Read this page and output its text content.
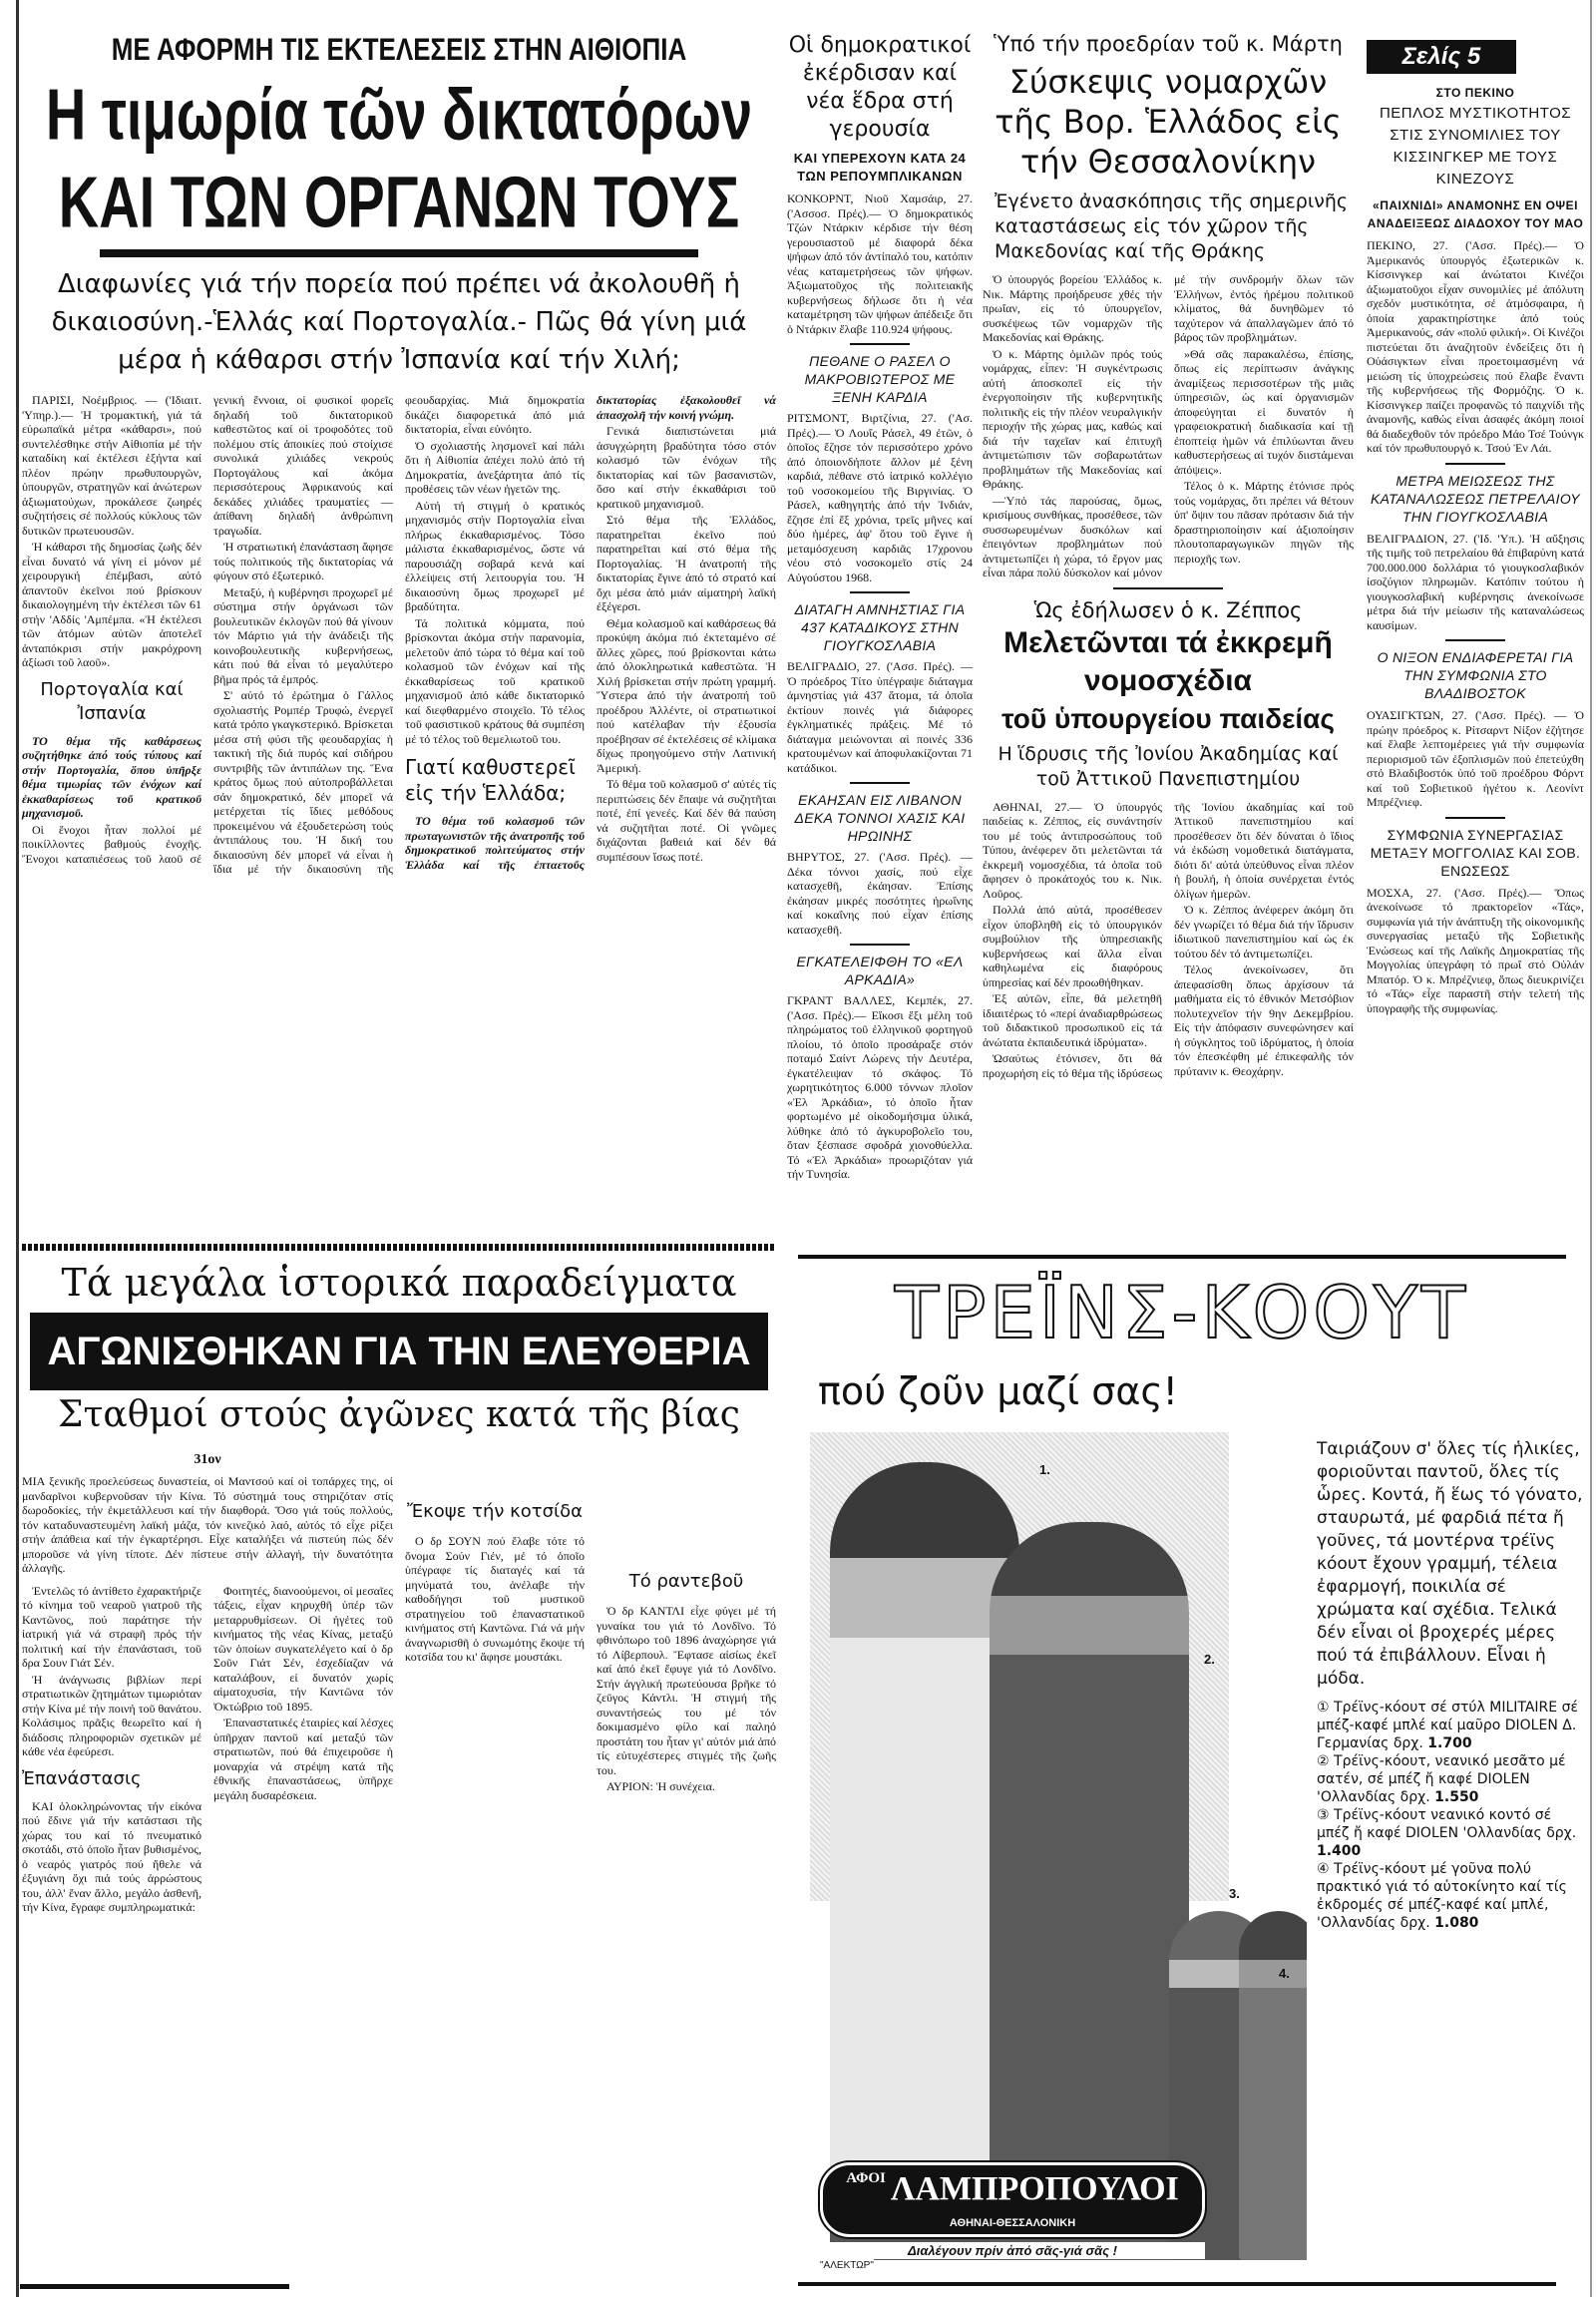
ΜΕ ΑΦΟΡΜΗ ΤΙΣ ΕΚΤΕΛΕΣΕΙΣ ΣΤΗΝ ΑΙΘΙΟΠΙΑ
Η τιμωρία τῶν δικτατόρων
ΚΑΙ ΤΩΝ ΟΡΓΑΝΩΝ ΤΟΥΣ
Διαφωνίες γιά τήν πορεία πού πρέπει νά ἀκολουθῆ ἡ δικαιοσύνη.-Ἑλλάς καί Πορτογαλία.- Πῶς θά γίνη μιά μέρα ἡ κάθαρσι στήν Ἰσπανία καί τήν Χιλή;

ΠΑΡΙΣΙ, Νοέμβριος. — ('Ιδιαιτ. 'Υπηρ.).— Ἡ τρομακτική, γιά τά εὐρωπαϊκά μέτρα «κάθαρσι», πού συντελέσθηκε στήν Αἰθιοπία μέ τήν καταδίκη καί ἐκτέλεσι ἑξήντα καί πλέον πρώην πρωθυπουργῶν, ὑπουργῶν, στρατηγῶν καί ἀνώτερων ἀξιωματούχων, προκάλεσε ζωηρές συζητήσεις σέ πολλούς κύκλους τῶν δυτικῶν πρωτευουσῶν.

Ἡ κάθαρσι τῆς δημοσίας ζωῆς δέν εἶναι δυνατό νά γίνη εἰ μόνον μέ χειρουργική ἐπέμβασι, αὐτό ἀπαντοῦν ἐκεῖνοι πού βρίσκουν δικαιολογημένη τήν ἐκτέλεσι τῶν 61 στήν 'Αδδίς 'Αμπέμπα. «Ἡ ἐκτέλεσι τῶν ἀτόμων αὐτῶν ἀποτελεῖ ἀνταπόκρισι στήν μακρόχρονη ἀξίωσι τοῦ λαοῦ».

Πορτογαλία καί Ἰσπανία

ΤΟ θέμα τῆς καθάρσεως συζητήθηκε ἀπό τούς τύπους καί στήν Πορτογαλία, ὅπου ὑπῆρξε θέμα τιμωρίας τῶν ἐνόχων καί ἐκκαθαρίσεως τοῦ κρατικοῦ μηχανισμοῦ.

Οἱ ἔνοχοι ἦταν πολλοί μέ ποικίλλοντες βαθμούς ἐνοχῆς. Ἔνοχοι καταπιέσεως τοῦ λαοῦ σέ γενική ἔννοια, οἱ φυσικοί φορεῖς δηλαδή τοῦ δικτατορικοῦ καθεστῶτος καί οἱ τροφοδότες τοῦ πολέμου στίς ἀποικίες πού στοίχισε συνολικά χιλιάδες νεκρούς Πορτογάλους καί ἀκόμα περισσότερους Ἀφρικανούς καί δεκάδες χιλιάδες τραυματίες — ἀπίθανη δηλαδή ἀνθρώπινη τραγωδία.

Ἡ στρατιωτική ἐπανάσταση ἄφησε τούς πολιτικούς τῆς δικτατορίας νά φύγουν στό ἐξωτερικό.

Μεταξύ, ἡ κυβέρνησι προχωρεῖ μέ σύστημα στήν ὀργάνωσι τῶν βουλευτικῶν ἐκλογῶν πού θά γίνουν τόν Μάρτιο γιά τήν ἀνάδειξι τῆς κοινοβουλευτικῆς κυβερνήσεως, κάτι πού θά εἶναι τό μεγαλύτερο βῆμα πρός τά ἐμπρός.

Σ' αὐτό τό ἐρώτημα ὁ Γάλλος σχολιαστής Ρομπέρ Τρυφώ, ἐνεργεῖ κατά τρόπο γκαγκστερικό. Βρίσκεται μέσα στή φύσι τῆς φεουδαρχίας ἡ τακτική τῆς διά πυρός καί σιδήρου συντριβῆς τῶν ἀντιπάλων της. Ἕνα κράτος ὅμως πού αὐτοπροβάλλεται σάν δημοκρατικό, δέν μπορεῖ νά μετέρχεται τίς ἴδιες μεθόδους προκειμένου νά ἐξουδετερώση τούς ἀντιπάλους του. Ἡ δική του δικαιοσύνη δέν μπορεῖ νά εἶναι ἡ ἴδια μέ τήν δικαιοσύνη τῆς φεουδαρχίας. Μιά δημοκρατία δικάζει διαφορετικά ἀπό μιά δικτατορία, εἶναι εὐνόητο.

Ὁ σχολιαστής λησμονεῖ καί πάλι ὅτι ἡ Αἰθιοπία ἀπέχει πολύ ἀπό τή Δημοκρατία, ἀνεξάρτητα ἀπό τίς προθέσεις τῶν νέων ἡγετῶν της.

Αὐτή τή στιγμή ὁ κρατικός μηχανισμός στήν Πορτογαλία εἶναι πλήρως ἐκκαθαρισμένος. Τόσο μάλιστα ἐκκαθαρισμένος, ὥστε νά παρουσιάζη σοβαρά κενά καί ἐλλείψεις στή λειτουργία του. Ἡ δικαιοσύνη ὅμως προχωρεῖ μέ βραδύτητα.

Τά πολιτικά κόμματα, πού βρίσκονται ἀκόμα στήν παρανομία, μελετοῦν ἀπό τώρα τό θέμα καί τοῦ κολασμοῦ τῶν ἐνόχων καί τῆς ἐκκαθαρίσεως τοῦ κρατικοῦ μηχανισμοῦ ἀπό κάθε δικτατορικό καί διεφθαρμένο στοιχεῖο. Τό τέλος τοῦ φασιστικοῦ κράτους θά συμπέση μέ τό τέλος τοῦ θεμελιωτοῦ του.

Γιατί καθυστερεῖ εἰς τήν Ἑλλάδα;

ΤΟ θέμα τοῦ κολασμοῦ τῶν πρωταγωνιστῶν τῆς ἀνατροπῆς τοῦ δημοκρατικοῦ πολιτεύματος στήν Ἑλλάδα καί τῆς ἐπταετοῦς δικτατορίας ἐξακολουθεῖ νά ἀπασχολῆ τήν κοινή γνώμη.

Γενικά διαπιστώνεται μιά ἀσυγχώρητη βραδύτητα τόσο στόν κολασμό τῶν ἐνόχων τῆς δικτατορίας καί τῶν βασανιστῶν, ὅσο καί στήν ἐκκαθάρισι τοῦ κρατικοῦ μηχανισμοῦ.

Στό θέμα τῆς Ἑλλάδος, παρατηρεῖται ἐκεῖνο πού παρατηρεῖται καί στό θέμα τῆς Πορτογαλίας. Ἡ ἀνατροπή τῆς δικτατορίας ἔγινε ἀπό τό στρατό καί ὄχι μέσα ἀπό μιάν αἱματηρή λαϊκή ἐξέγερσι.

Θέμα κολασμοῦ καί καθάρσεως θά προκύψη ἀκόμα πιό ἐκτεταμένο σέ ἄλλες χῶρες, πού βρίσκονται κάτω ἀπό ὁλοκληρωτικά καθεστῶτα. Ἡ Χιλή βρίσκεται στήν πρώτη γραμμή. Ὕστερα ἀπό τήν ἀνατροπή τοῦ προέδρου Ἀλλέντε, οἱ στρατιωτικοί πού κατέλαβαν τήν ἐξουσία προέβησαν σέ ἐκτελέσεις σέ κλίμακα δίχως προηγούμενο στήν Λατινική Ἀμερική.

Τό θέμα τοῦ κολασμοῦ σ' αὐτές τίς περιπτώσεις δέν ἔπαψε νά συζητῆται ποτέ, ἐπί γενεές. Καί δέν θά παύση νά συζητῆται ποτέ. Οἱ γνῶμες διχάζονται βαθειά καί δέν θά συμπέσουν ἴσως ποτέ.

Τά μεγάλα ἱστορικά παραδείγματα
ΑΓΩΝΙΣΘΗΚΑΝ ΓΙΑ ΤΗΝ ΕΛΕΥΘΕΡΙΑ
Σταθμοί στούς ἀγῶνες κατά τῆς βίας
31ον

ΜΙΑ ξενικῆς προελεύσεως δυναστεία, οἱ Μαντσού καί οἱ τοπάρχες της, οἱ μανδαρῖνοι κυβερνοῦσαν τήν Κίνα. Τό σύστημά τους στηριζόταν στίς δωροδοκίες, τήν ἐκμετάλλευσι καί τήν διαφθορά. Ὅσο γιά τούς πολλούς, τόν καταδυναστευμένη λαϊκή μάζα, τόν κινεζικό λαό, αὐτός τό εἶχε ρίξει στήν ἀπάθεια καί τήν ἐγκαρτέρησι. Εἶχε καταλήξει νά πιστεύη πώς δέν μποροῦσε νά γίνη τίποτε. Δέν πίστευε στήν ἀλλαγή, τήν δυνατότητα ἀλλαγῆς.

Ἐντελῶς τό ἀντίθετο ἐχαρακτήριζε τό κίνημα τοῦ νεαροῦ γιατροῦ τῆς Καντῶνος, πού παράτησε τήν ἰατρική γιά νά στραφῆ πρός τήν πολιτική καί τήν ἐπανάστασι, τοῦ δρα Σουν Γιάτ Σέν.

Ἡ ἀνάγνωσις βιβλίων περί στρατιωτικῶν ζητημάτων τιμωριόταν στήν Κίνα μέ τήν ποινή τοῦ θανάτου. Κολάσιμος πρᾶξις θεωρεῖτο καί ἡ διάδοσις πληροφοριῶν σχετικῶν μέ κάθε νέα ἐφεύρεσι.

Ἐπανάστασις

ΚΑΙ ὁλοκληρώνοντας τήν εἰκόνα πού ἔδινε γιά τήν κατάστασι τῆς χώρας του καί τό πνευματικό σκοτάδι, στό ὁποῖο ἦταν βυθισμένος, ὁ νεαρός γιατρός πού ἤθελε νά ἐξυγιάνη ὄχι πιά τούς ἀρρώστους του, ἀλλ' ἕναν ἄλλο, μεγάλο ἀσθενῆ, τήν Κίνα, ἔγραφε συμπληρωματικά:

Φοιτητές, διανοούμενοι, οἱ μεσαῖες τάξεις, εἶχαν κηρυχθῆ ὑπέρ τῶν μεταρρυθμίσεων. Οἱ ἡγέτες τοῦ κινήματος τῆς νέας Κίνας, μεταξύ τῶν ὁποίων συγκατελέγετο καί ὁ δρ Σοῦν Γιάτ Σέν, ἐσχεδίαζαν νά καταλάβουν, εἰ δυνατόν χωρίς αἱματοχυσία, τήν Καντῶνα τόν Ὀκτώβριο τοῦ 1895.

Ἐπαναστατικές ἑταιρίες καί λέσχες ὑπῆρχαν παντοῦ καί μεταξύ τῶν στρατιωτῶν, πού θά ἐπιχειροῦσε ἡ μοναρχία νά στρέψη κατά τῆς ἐθνικῆς ἐπαναστάσεως, ὑπῆρχε μεγάλη δυσαρέσκεια.

Ἔκοψε τήν κοτσίδα

Ο δρ ΣΟΥΝ πού ἔλαβε τότε τό ὄνομα Σούν Γιέν, μέ τό ὁποῖο ὑπέγραφε τίς διαταγές καί τά μηνύματά του, ἀνέλαβε τήν καθοδήγησι τοῦ μυστικοῦ στρατηγείου τοῦ ἐπαναστατικοῦ κινήματος στή Καντῶνα. Γιά νά μήν ἀναγνωρισθῆ ὁ συνωμότης ἔκοψε τή κοτσίδα του κι' ἄφησε μουστάκι.

Τό ραντεβοῦ

Ὁ δρ ΚΑΝΤΛΙ εἶχε φύγει μέ τή γυναίκα του γιά τό Λονδῖνο. Τό φθινόπωρο τοῦ 1896 ἀναχώρησε γιά τό Λίβερπουλ. Ἔφτασε αἰσίως ἐκεῖ καί ἀπό ἐκεῖ ἔφυγε γιά τό Λονδῖνο. Στήν ἀγγλική πρωτεύουσα βρῆκε τό ζεῦγος Κάντλι. Ἡ στιγμή τῆς συναντήσεώς του μέ τόν δοκιμασμένο φίλο καί παληό προστάτη του ἦταν γι' αὐτόν μιά ἀπό τίς εὐτυχέστερες στιγμές τῆς ζωῆς του.

ΑΥΡΙΟΝ: Ἡ συνέχεια.

Οἱ δημοκρατικοί ἐκέρδισαν καί νέα ἕδρα στή γερουσία
ΚΑΙ ΥΠΕΡΕΧΟΥΝ ΚΑΤΑ 24 ΤΩΝ ΡΕΠΟΥΜΠΛΙΚΑΝΩΝ
ΚΟΝΚΟΡΝΤ, Νιοῦ Χαμσάιρ, 27. ('Ασσοσ. Πρές).— Ὁ δημοκρατικός Τζών Ντάρκιν κέρδισε τήν θέση γερουσιαστοῦ μέ διαφορά δέκα ψήφων ἀπό τόν ἀντίπαλό του, κατόπιν νέας καταμετρήσεως τῶν ψήφων. Ἀξιωματοῦχος τῆς πολιτειακῆς κυβερνήσεως δήλωσε ὅτι ἡ νέα καταμέτρηση τῶν ψήφων ἀπέδειξε ὅτι ὁ Ντάρκιν ἔλαβε 110.924 ψήφους.
ΠΕΘΑΝΕ Ο ΡΑΣΕΛ Ο ΜΑΚΡΟΒΙΩΤΕΡΟΣ ΜΕ ΞΕΝΗ ΚΑΡΔΙΑ
ΡΙΤΣΜΟΝΤ, Βιρτζίνια, 27. ('Ασ. Πρές).— Ὁ Λουΐς Ράσελ, 49 ἐτῶν, ὁ ὁποῖος ἔζησε τόν περισσότερο χρόνο ἀπό ὁποιονδήποτε ἄλλον μέ ξένη καρδιά, πέθανε στό ἰατρικό κολλέγιο τοῦ νοσοκομείου τῆς Βιργινίας. Ὁ Ράσελ, καθηγητής ἀπό τήν Ἰνδιάν, ἔζησε ἐπί ἕξ χρόνια, τρεῖς μῆνες καί δύο ἡμέρες, ἀφ' ὅτου τοῦ ἔγινε ἡ μεταμόσχευση καρδιᾶς 17χρονου νέου στό νοσοκομεῖο στίς 24 Αὐγούστου 1968.
ΔΙΑΤΑΓΗ ΑΜΝΗΣΤΙΑΣ ΓΙΑ 437 ΚΑΤΑΔΙΚΟΥΣ ΣΤΗΝ ΓΙΟΥΓΚΟΣΛΑΒΙΑ
ΒΕΛΙΓΡΑΔΙΟ, 27. ('Ασσ. Πρές). — Ὁ πρόεδρος Τίτο ὑπέγραψε διάταγμα ἀμνηστίας γιά 437 ἄτομα, τά ὁποῖα ἐκτίουν ποινές γιά διάφορες ἐγκληματικές πράξεις. Μέ τό διάταγμα μειώνονται αἱ ποινές 336 κρατουμένων καί ἀποφυλακίζονται 71 κατάδικοι.
ΕΚΑΗΣΑΝ ΕΙΣ ΛΙΒΑΝΟΝ ΔΕΚΑ ΤΟΝΝΟΙ ΧΑΣΙΣ ΚΑΙ ΗΡΩΙΝΗΣ
ΒΗΡΥΤΟΣ, 27. ('Ασσ. Πρές). — Δέκα τόννοι χασίς, πού εἶχε κατασχεθῆ, ἐκάησαν. Ἐπίσης ἐκάησαν μικρές ποσότητες ἡρωΐνης καί κοκαΐνης πού εἶχαν ἐπίσης κατασχεθῆ.
ΕΓΚΑΤΕΛΕΙΦΘΗ ΤΟ «ΕΛ ΑΡΚΑΔΙΑ»
ΓΚΡΑΝΤ ΒΑΛΛΕΣ, Κεμπέκ, 27. ('Ασσ. Πρές).— Εἴκοσι ἕξι μέλη τοῦ πληρώματος τοῦ ἑλληνικοῦ φορτηγοῦ πλοίου, τό ὁποῖο προσάραξε στόν ποταμό Σαίντ Λώρενς τήν Δευτέρα, ἐγκατέλειψαν τό σκάφος. Τό χωρητικότητος 6.000 τόννων πλοῖον «Ἐλ Ἀρκάδια», τό ὁποῖο ἦταν φορτωμένο μέ οἰκοδομήσιμα ὑλικά, λύθηκε ἀπό τό ἀγκυροβολεῖο του, ὅταν ξέσπασε σφοδρά χιονοθύελλα. Τό «Ἐλ Ἀρκάδια» προωριζόταν γιά τήν Τυνησία.
Ὑπό τήν προεδρίαν τοῦ κ. Μάρτη
Σύσκεψις νομαρχῶν τῆς Βορ. Ἑλλάδος εἰς τήν Θεσσαλονίκην
Ἐγένετο ἀνασκόπησις τῆς σημερινῆς καταστάσεως εἰς τόν χῶρον τῆς Μακεδονίας καί τῆς Θράκης

Ὁ ὑπουργός βορείου Ἑλλάδος κ. Νικ. Μάρτης προήδρευσε χθές τήν πρωΐαν, εἰς τό ὑπουργεῖον, συσκέψεως τῶν νομαρχῶν τῆς Μακεδονίας καί Θράκης.

Ὁ κ. Μάρτης ὁμιλῶν πρός τούς νομάρχας, εἶπεν: Ἡ συγκέντρωσις αὐτή ἀποσκοπεῖ εἰς τήν ἐνεργοποίησιν τῆς κυβερνητικῆς πολιτικῆς εἰς τήν πλέον νευραλγικήν περιοχήν τῆς χώρας μας, καθώς καί διά τήν ταχεῖαν καί ἐπιτυχῆ ἀντιμετώπισιν τῶν σοβαρωτάτων προβλημάτων τῆς Μακεδονίας καί Θράκης.

—Ὑπό τάς παρούσας, ὅμως, κρισίμους συνθήκας, προσέθεσε, τῶν συσσωρευμένων δυσκόλων καί ἐπειγόντων προβλημάτων πού ἀντιμετωπίζει ἡ χώρα, τό ἔργον μας εἶναι πάρα πολύ δύσκολον καί μόνον μέ τήν συνδρομήν ὅλων τῶν Ἑλλήνων, ἐντός ἠρέμου πολιτικοῦ κλίματος, θά δυνηθῶμεν τό ταχύτερον νά ἀπαλλαγῶμεν ἀπό τό βάρος τῶν προβλημάτων.

»Θά σᾶς παρακαλέσω, ἐπίσης, ὅπως εἰς περίπτωσιν ἀνάγκης ἀναμίξεως περισσοτέρων τῆς μιᾶς ὑπηρεσιῶν, ὡς καί ὀργανισμῶν ἀποφεύγηται εἰ δυνατόν ἡ γραφειοκρατική διαδικασία καί τῇ ἐποπτείᾳ ἡμῶν νά ἐπιλύωνται ἄνευ καθυστερήσεως αἱ τυχόν διιστάμεναι ἀπόψεις».

Τέλος ὁ κ. Μάρτης ἐτόνισε πρός τούς νομάρχας, ὅτι πρέπει νά θέτουν ὑπ' ὄψιν του πᾶσαν πρότασιν διά τήν δραστηριοποίησιν καί ἀξιοποίησιν πλουτοπαραγωγικῶν πηγῶν τῆς περιοχῆς των.

Ὡς ἐδήλωσεν ὁ κ. Ζέππος
Μελετῶνται τά ἐκκρεμῆ
νομοσχέδια
τοῦ ὑπουργείου παιδείας
Η ἵδρυσις τῆς Ἰονίου Ἀκαδημίας καί τοῦ Ἀττικοῦ Πανεπιστημίου

ΑΘΗΝΑΙ, 27.— Ὁ ὑπουργός παιδείας κ. Ζέππος, εἰς συνάντησίν του μέ τούς ἀντιπροσώπους τοῦ Τύπου, ἀνέφερεν ὅτι μελετῶνται τά ἐκκρεμῆ νομοσχέδια, τά ὁποῖα τοῦ ἄφησεν ὁ προκάτοχός του κ. Νικ. Λοῦρος.

Πολλά ἀπό αὐτά, προσέθεσεν εἶχον ὑποβληθῆ εἰς τό ὑπουργικόν συμβούλιον τῆς ὑπηρεσιακῆς κυβερνήσεως καί ἄλλα εἶναι καθηλωμένα εἰς διαφόρους ὑπηρεσίας καί δέν προωθήθηκαν.

Ἐξ αὐτῶν, εἶπε, θά μελετηθῆ ἰδιαιτέρως τό «περί ἀναδιαρθρώσεως τοῦ διδακτικοῦ προσωπικοῦ εἰς τά ἀνώτατα ἐκπαιδευτικά ἱδρύματα».

Ὡσαύτως ἐτόνισεν, ὅτι θά προχωρήση εἰς τό θέμα τῆς ἱδρύσεως τῆς Ἰονίου ἀκαδημίας καί τοῦ Ἀττικοῦ πανεπιστημίου καί προσέθεσεν ὅτι δέν δύναται ὁ ἴδιος νά ἐκδώση νομοθετικά διατάγματα, διότι δι' αὐτά ὑπεύθυνος εἶναι πλέον ἡ βουλή, ἡ ὁποία συνέρχεται ἐντός ὀλίγων ἡμερῶν.

Ὁ κ. Ζέππος ἀνέφερεν ἀκόμη ὅτι δέν γνωρίζει τό θέμα διά τήν ἵδρυσιν ἰδιωτικοῦ πανεπιστημίου καί ὡς ἐκ τούτου δέν τό ἀντιμετωπίζει.

Τέλος ἀνεκοίνωσεν, ὅτι ἀπεφασίσθη ὅπως ἀρχίσουν τά μαθήματα εἰς τό ἐθνικόν Μετσόβιον πολυτεχνεῖον τήν 9ην Δεκεμβρίου. Εἰς τήν ἀπόφασιν συνεφώνησεν καί ἡ σύγκλητος τοῦ ἱδρύματος, ἡ ὁποία τόν ἐπεσκέφθη μέ ἐπικεφαλῆς τόν πρύτανιν κ. Θεοχάρην.

Σελίς 5
ΣΤΟ ΠΕΚΙΝΟ
ΠΕΠΛΟΣ ΜΥΣΤΙΚΟΤΗΤΟΣ ΣΤΙΣ ΣΥΝΟΜΙΛΙΕΣ ΤΟΥ ΚΙΣΣΙΝΓΚΕΡ ΜΕ ΤΟΥΣ ΚΙΝΕΖΟΥΣ
«ΠΑΙΧΝΙΔΙ» ΑΝΑΜΟΝΗΣ ΕΝ ΟΨΕΙ ΑΝΑΔΕΙΞΕΩΣ ΔΙΑΔΟΧΟΥ ΤΟΥ ΜΑΟ
ΠΕΚΙΝΟ, 27. ('Ασσ. Πρές).— Ὁ Ἀμερικανός ὑπουργός ἐξωτερικῶν κ. Κίσσινγκερ καί ἀνώτατοι Κινέζοι ἀξιωματοῦχοι εἶχαν συνομιλίες μέ ἀπόλυτη σχεδόν μυστικότητα, σέ ἀτμόσφαιρα, ἡ ὁποία χαρακτηρίστηκε ἀπό τούς Ἀμερικανούς, σάν «πολύ φιλική». Οἱ Κινέζοι πιστεύεται ὅτι ἀναζητοῦν ἐνδείξεις ὅτι ἡ Οὐάσιγκτων εἶναι προετοιμασμένη νά μειώση τίς ὑποχρεώσεις πού ἔλαβε ἔναντι τῆς κυβερνήσεως τῆς Φορμόζης. Ὁ κ. Κίσσινγκερ παίζει προφανῶς τό παιχνίδι τῆς ἀναμονῆς, καθώς εἶναι ἀσαφές ἀκόμη ποιοί θά διαδεχθοῦν τόν πρόεδρο Μάο Τσέ Τούνγκ καί τόν πρωθυπουργό κ. Τσού Ἐν Λάι.
ΜΕΤΡΑ ΜΕΙΩΣΕΩΣ ΤΗΣ ΚΑΤΑΝΑΛΩΣΕΩΣ ΠΕΤΡΕΛΑΙΟΥ ΤΗΝ ΓΙΟΥΓΚΟΣΛΑΒΙΑ
ΒΕΛΙΓΡΑΔΙΟΝ, 27. ('Ιδ. 'Υπ.). Ἡ αὔξησις τῆς τιμῆς τοῦ πετρελαίου θά ἐπιβαρύνη κατά 700.000.000 δολλάρια τό γιουγκοσλαβικόν ἰσοζύγιον πληρωμῶν. Κατόπιν τούτου ἡ γιουγκοσλαβική κυβέρνησις ἀνεκοίνωσε μέτρα διά τήν μείωσιν τῆς καταναλώσεως καυσίμων.
Ο ΝΙΞΟΝ ΕΝΔΙΑΦΕΡΕΤΑΙ ΓΙΑ ΤΗΝ ΣΥΜΦΩΝΙΑ ΣΤΟ ΒΛΑΔΙΒΟΣΤΟΚ
ΟΥΑΣΙΓΚΤΩΝ, 27. ('Ασσ. Πρές). — Ὁ πρώην πρόεδρος κ. Ρίτσαρντ Νίξον ἐζήτησε καί ἔλαβε λεπτομέρειες γιά τήν συμφωνία περιορισμοῦ τῶν ἐξοπλισμῶν πού ἐπετεύχθη στό Βλαδιβοστόκ ὑπό τοῦ προέδρου Φόρντ καί τοῦ Σοβιετικοῦ ἡγέτου κ. Λεονίντ Μπρέζνιεφ.
ΣΥΜΦΩΝΙΑ ΣΥΝΕΡΓΑΣΙΑΣ ΜΕΤΑΞΥ ΜΟΓΓΟΛΙΑΣ ΚΑΙ ΣΟΒ. ΕΝΩΣΕΩΣ
ΜΟΣΧΑ, 27. ('Ασσ. Πρές).— Ὅπως ἀνεκοίνωσε τό πρακτορεῖον «Τάς», συμφωνία γιά τήν ἀνάπτυξη τῆς οἰκονομικῆς συνεργασίας μεταξύ τῆς Σοβιετικῆς Ἑνώσεως καί τῆς Λαϊκῆς Δημοκρατίας τῆς Μογγολίας ὑπεγράφη τό πρωΐ στό Οὐλάν Μπατόρ. Ὁ κ. Μπρέζνιεφ, ὅπως διευκρινίζει τό «Τάς» εἶχε παραστῆ στήν τελετή τῆς ὑπογραφῆς τῆς συμφωνίας.
ΤΡΕΪΝΣ-ΚΟΟΥΤ
πού ζοῦν μαζί σας!
1.
2.
3.
4.
Ταιριάζουν σ' ὅλες τίς ἡλικίες, φοριοῦνται παντοῦ, ὅλες τίς ὧρες. Κοντά, ἤ ἕως τό γόνατο, σταυρωτά, μέ φαρδιά πέτα ἤ γοῦνες, τά μοντέρνα τρέϊνς κόουτ ἔχουν γραμμή, τέλεια ἐφαρμογή, ποικιλία σέ χρώματα καί σχέδια. Τελικά δέν εἶναι οἱ βροχερές μέρες πού τά ἐπιβάλλουν. Εἶναι ἡ μόδα.
① Τρέϊνς-κόουτ σέ στύλ MILITAIRE σέ μπέζ-καφέ μπλέ καί μαῦρο DIOLEN Δ. Γερμανίας δρχ. 1.700
② Τρέϊνς-κόουτ, νεανικό μεσᾶτο μέ σατέν, σέ μπέζ ἤ καφέ DIOLEN 'Ολλανδίας δρχ. 1.550
③ Τρέϊνς-κόουτ νεανικό κοντό σέ μπέζ ἤ καφέ DIOLEN 'Ολλανδίας δρχ. 1.400
④ Τρέϊνς-κόουτ μέ γοῦνα πολύ πρακτικό γιά τό αὐτοκίνητο καί τίς ἐκδρομές σέ μπέζ-καφέ καί μπλέ, 'Ολλανδίας δρχ. 1.080
ΑΦΟΙ ΛΑΜΠΡΟΠΟΥΛΟΙ
ΑΘΗΝΑΙ-ΘΕΣΣΑΛΟΝΙΚΗ
Διαλέγουν πρίν ἀπό σᾶς-γιά σᾶς !
"ΑΛΕΚΤΩΡ"
